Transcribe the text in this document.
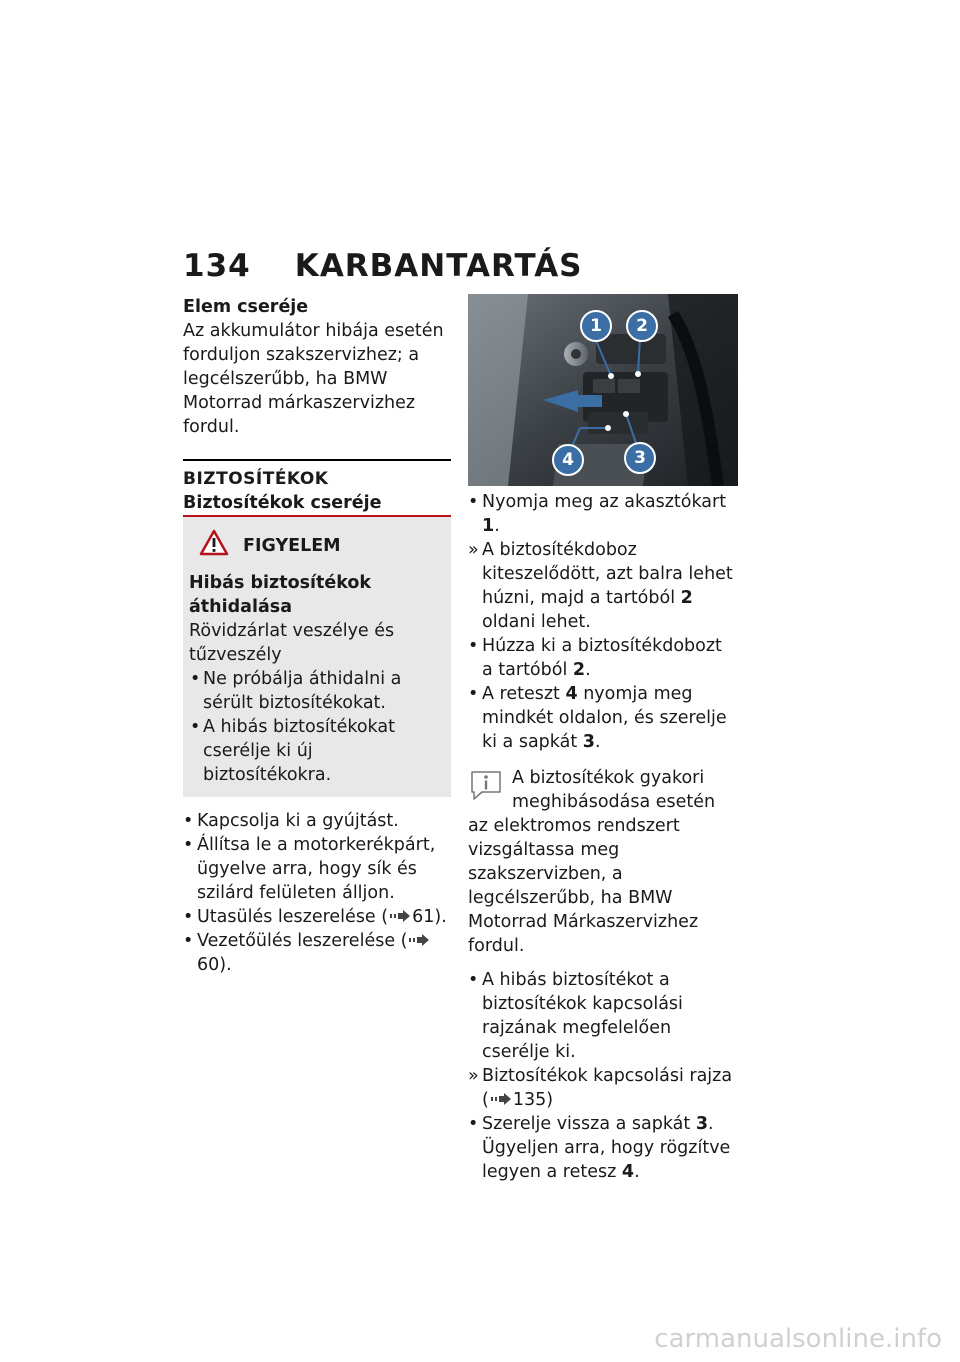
134 KARBANTARTÁS

Elem cseréje

Az akkumulátor hibája esetén forduljon szakszervizhez; a legcélszerűbb, ha BMW Motorrad márkaszervizhez fordul.

BIZTOSÍTÉKOK

Biztosítékok cseréje

FIGYELEM

Hibás biztosítékok áthidalása

Rövidzárlat veszélye és tűzveszély

• Ne próbálja áthidalni a sérült biztosítékokat.
• A hibás biztosítékokat cserélje ki új biztosítékokra.
• Kapcsolja ki a gyújtást.
• Állítsa le a motorkerékpárt, ügyelve arra, hogy sík és szilárd felületen álljon.
• Utasülés leszerelése ( 61).
• Vezetőülés leszerelése (60).
1	2
3
4
• Nyomja meg az akasztókart 1.
» A biztosítékdoboz kiteszelődött, azt balra lehet húzni, majd a tartóból 2 oldani lehet.
• Húzza ki a biztosítékdobozt a tartóból 2.
• A reteszt 4 nyomja meg mindkét oldalon, és szerelje ki a sapkát 3.
A biztosítékok gyakori meghibásodása esetén az elektromos rendszert vizsgáltassa meg szakszervizben, a legcélszerűbb, ha BMW Motorrad Márkaszervizhez fordul.
• A hibás biztosítékot a biztosítékok kapcsolási rajzának megfelelően cserélje ki.
» Biztosítékok kapcsolási rajza ( 135)
• Szerelje vissza a sapkát 3. Ügyeljen arra, hogy rögzítve legyen a retesz 4.
carmanualsonline.info
